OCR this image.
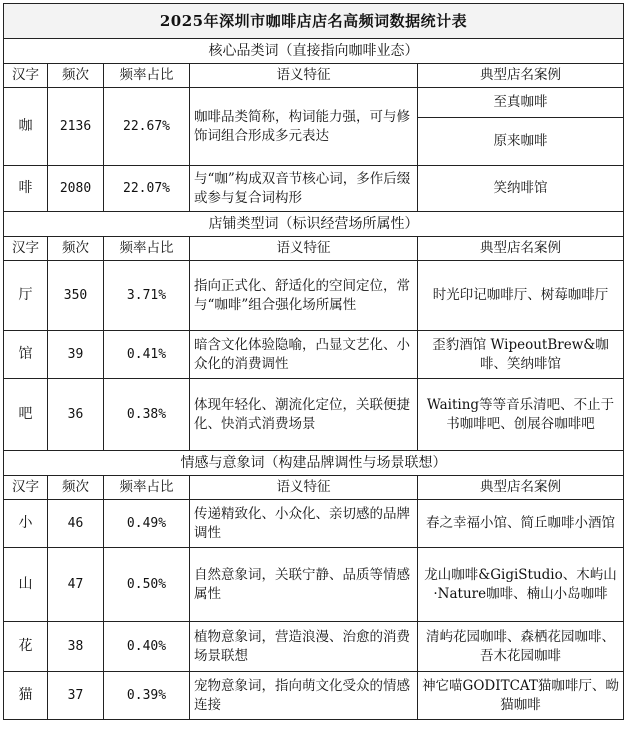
2025年深圳市咖啡店店名高频词数据统计表				
核心品类词（直接指向咖啡业态）				
汉字	频次	频率占比	语义特征	典型店名案例
咖	2136	22.67%	咖啡品类简称，构词能力强，可与修饰词组合形成多元表达	至真咖啡
				原来咖啡
啡	2080	22.07%	与“咖”构成双音节核心词，多作后缀或参与复合词构形	笑纳啡馆
店铺类型词（标识经营场所属性）				
汉字	频次	频率占比	语义特征	典型店名案例
厅	350	3.71%	指向正式化、舒适化的空间定位，常与“咖啡”组合强化场所属性	时光印记咖啡厅、树莓咖啡厅
馆	39	0.41%	暗含文化体验隐喻，凸显文艺化、小众化的消费调性	歪豹酒馆 WipeoutBrew&咖啡、笑纳啡馆
吧	36	0.38%	体现年轻化、潮流化定位，关联便捷化、快消式消费场景	Waiting等等音乐清吧、不止于书咖啡吧、创展谷咖啡吧
情感与意象词（构建品牌调性与场景联想）				
汉字	频次	频率占比	语义特征	典型店名案例
小	46	0.49%	传递精致化、小众化、亲切感的品牌调性	春之幸福小馆、简丘咖啡小酒馆
山	47	0.50%	自然意象词，关联宁静、品质等情感属性	龙山咖啡&GigiStudio、木屿山·Nature咖啡、楠山小岛咖啡
花	38	0.40%	植物意象词，营造浪漫、治愈的消费场景联想	清屿花园咖啡、森栖花园咖啡、吾木花园咖啡
猫	37	0.39%	宠物意象词，指向萌文化受众的情感连接	神它喵GODITCAT猫咖啡厅、呦猫咖啡
